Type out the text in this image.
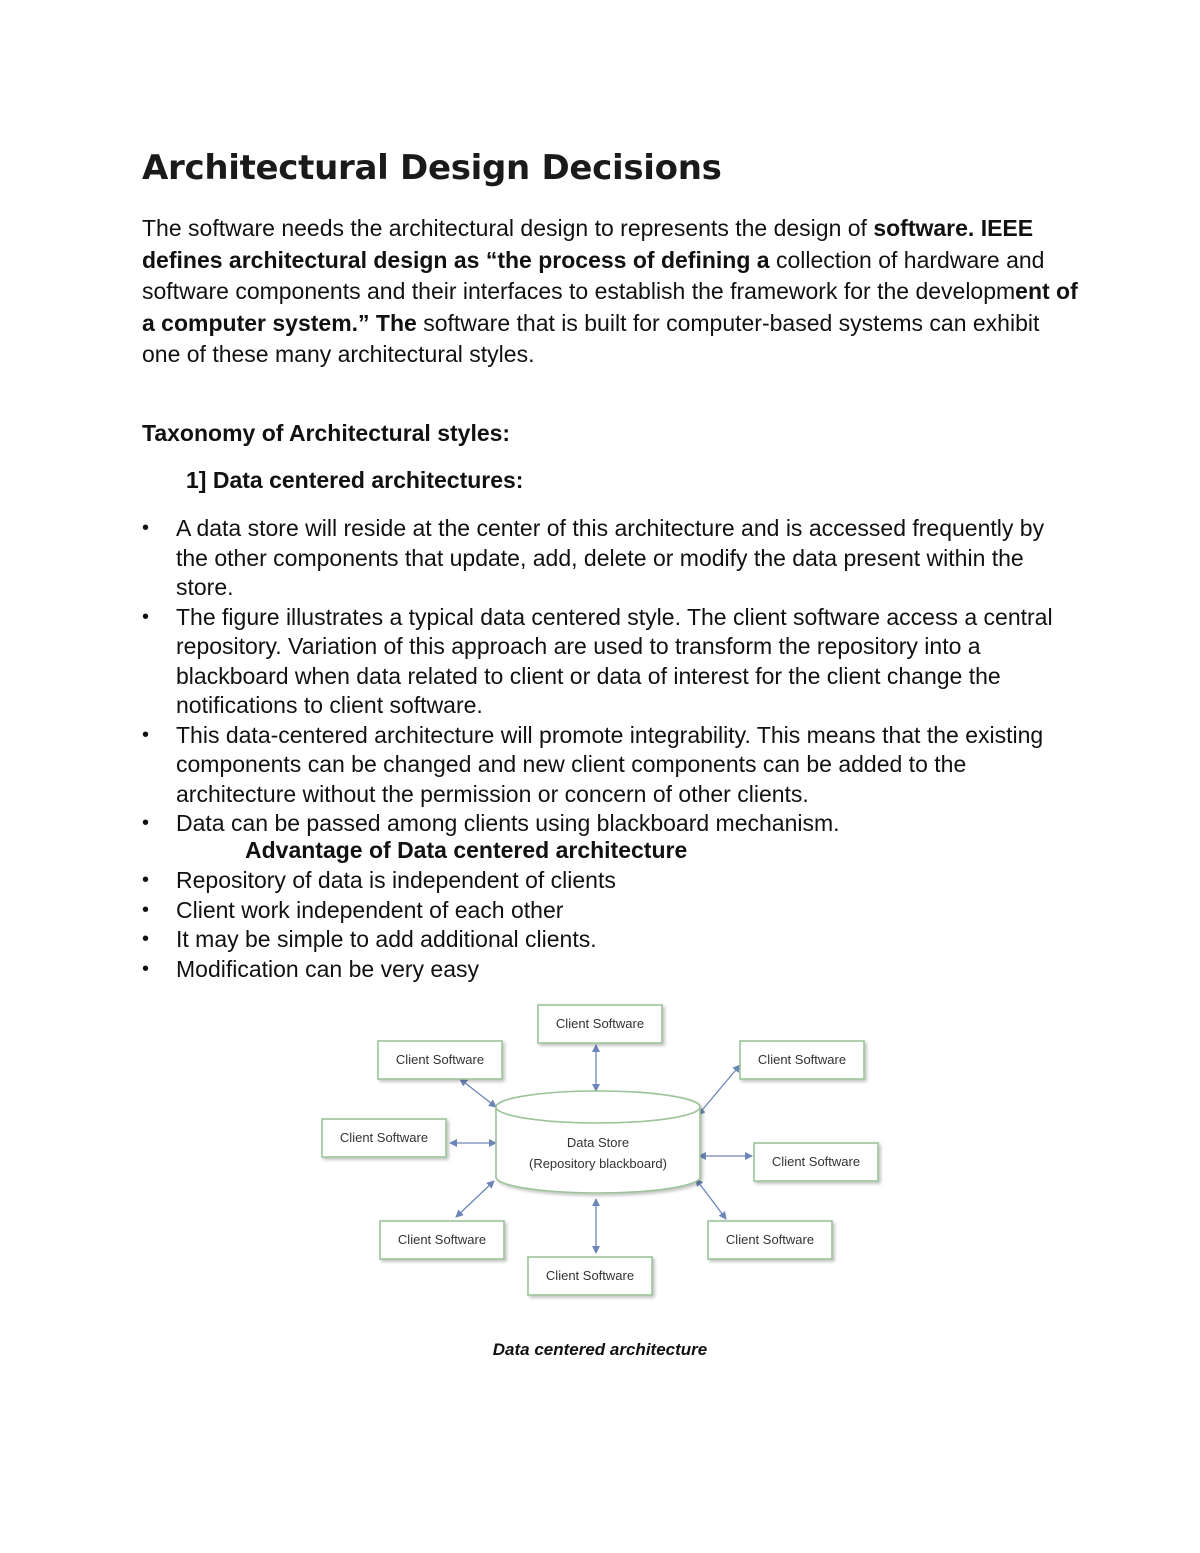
Architectural Design Decisions

The software needs the architectural design to represents the design of software. IEEE defines architectural design as “the process of defining a collection of hardware and software components and their interfaces to establish the framework for the development of a computer system.” The software that is built for computer-based systems can exhibit one of these many architectural styles.

Taxonomy of Architectural styles:
1] Data centered architectures:
• A data store will reside at the center of this architecture and is accessed frequently by the other components that update, add, delete or modify the data present within the store.
• The figure illustrates a typical data centered style. The client software access a central repository. Variation of this approach are used to transform the repository into a blackboard when data related to client or data of interest for the client change the notifications to client software.
• This data-centered architecture will promote integrability. This means that the existing components can be changed and new client components can be added to the architecture without the permission or concern of other clients.
• Data can be passed among clients using blackboard mechanism.
Advantage of Data centered architecture
• Repository of data is independent of clients
• Client work independent of each other
• It may be simple to add additional clients.
• Modification can be very easy
Data Store
(Repository blackboard)
Client Software
Client Software	Client Software
Client Software
Client Software
Client Software	Client Software
Client Software

Data centered architecture
